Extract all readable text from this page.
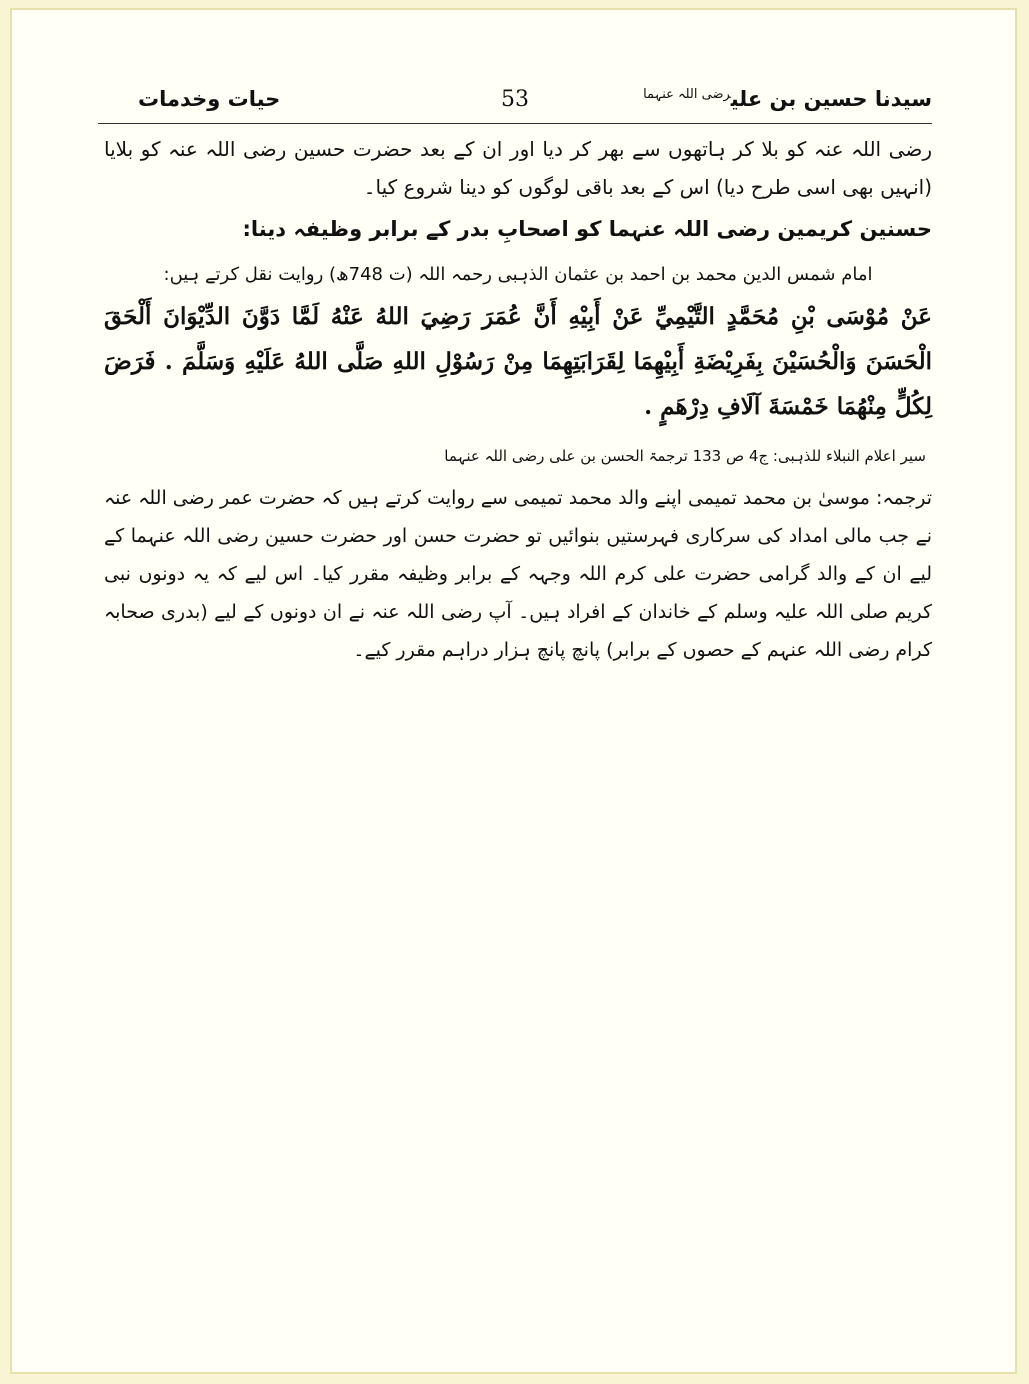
سیدنا حسین بن علی$^{رضی اللہ عنہما}$
53
حیات وخدمات

رضی اللہ عنہ کو بلا کر ہاتھوں سے بھر کر دیا اور ان کے بعد حضرت حسین رضی اللہ عنہ کو بلایا (انہیں بھی اسی طرح دیا) اس کے بعد باقی لوگوں کو دینا شروع کیا۔

حسنین کریمین رضی اللہ عنہما کو اصحابِ بدر کے برابر وظیفہ دینا:

امام شمس الدین محمد بن احمد بن عثمان الذہبی رحمہ اللہ (ت 748ھ) روایت نقل کرتے ہیں:

عَنْ مُوْسَى بْنِ مُحَمَّدٍ التَّيْمِيِّ عَنْ أَبِيْهِ أَنَّ عُمَرَ رَضِيَ اللهُ عَنْهُ لَمَّا دَوَّنَ الدِّيْوَانَ أَلْحَقَ الْحَسَنَ وَالْحُسَيْنَ بِفَرِيْضَةِ أَبِيْهِمَا لِقَرَابَتِهِمَا مِنْ رَسُوْلِ اللهِ صَلَّى اللهُ عَلَيْهِ وَسَلَّمَ . فَرَضَ لِكُلٍّ مِنْهُمَا خَمْسَةَ آلَافِ دِرْهَمٍ .

سیر اعلام النبلاء للذہبی: ج4 ص 133 ترجمۃ الحسن بن علی رضی اللہ عنہما

ترجمہ: موسیٰ بن محمد تمیمی اپنے والد محمد تمیمی سے روایت کرتے ہیں کہ حضرت عمر رضی اللہ عنہ نے جب مالی امداد کی سرکاری فہرستیں بنوائیں تو حضرت حسن اور حضرت حسین رضی اللہ عنہما کے لیے ان کے والد گرامی حضرت علی کرم اللہ وجہہ کے برابر وظیفہ مقرر کیا۔ اس لیے کہ یہ دونوں نبی کریم صلی اللہ علیہ وسلم کے خاندان کے افراد ہیں۔ آپ رضی اللہ عنہ نے ان دونوں کے لیے (بدری صحابہ کرام رضی اللہ عنہم کے حصوں کے برابر) پانچ پانچ ہزار دراہم مقرر کیے۔
